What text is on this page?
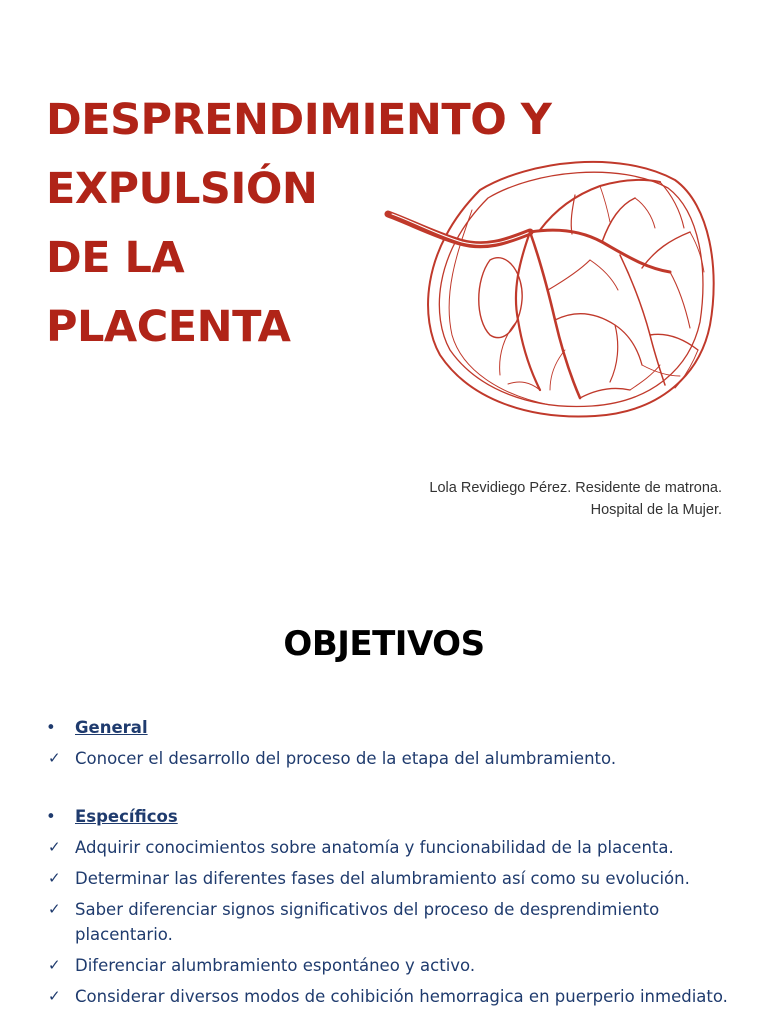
DESPRENDIMIENTO Y
EXPULSIÓN
DE LA
PLACENTA
Lola Revidiego Pérez. Residente de matrona.
Hospital de la Mujer.
OBJETIVOS
• General
✓ Conocer el desarrollo del proceso de la etapa del alumbramiento.
• Específicos
✓ Adquirir conocimientos sobre anatomía y funcionabilidad de la placenta.
✓ Determinar las diferentes fases del alumbramiento así como su evolución.
✓ Saber diferenciar signos significativos del proceso de desprendimiento placentario.
✓ Diferenciar alumbramiento espontáneo y activo.
✓ Considerar diversos modos de cohibición hemorragica en puerperio inmediato.
